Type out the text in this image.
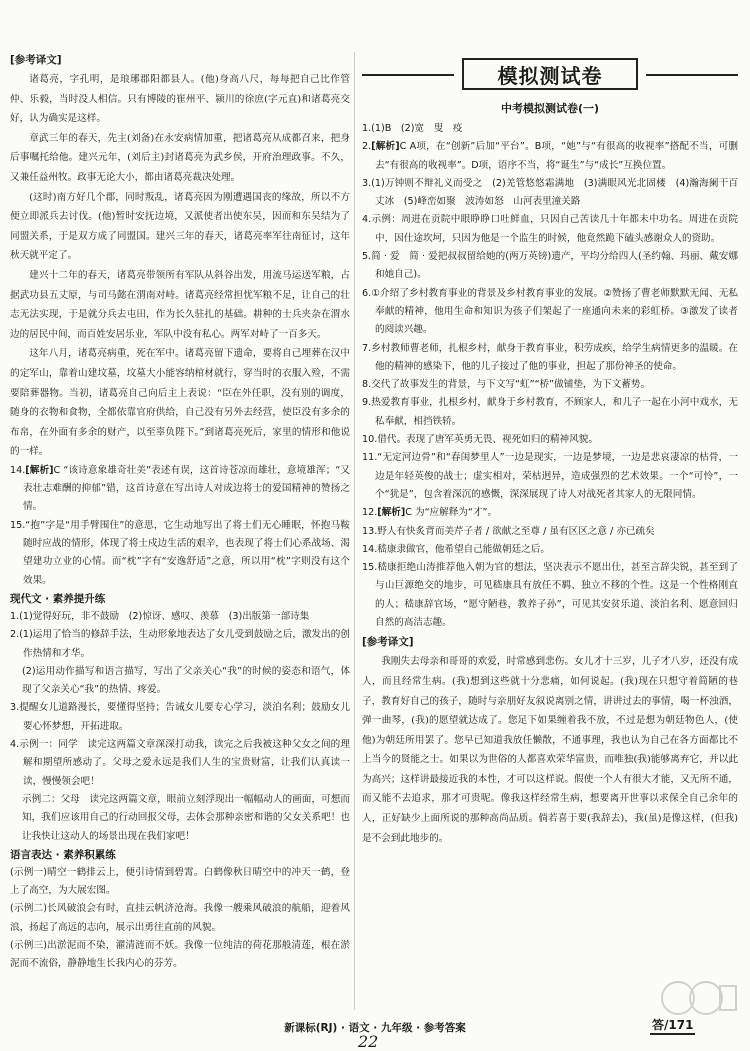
[参考译文]

诸葛亮，字孔明，是琅琊郡阳都县人。(他)身高八尺，每每把自己比作管仲、乐毅，当时没人相信。只有博陵的崔州平、颍川的徐庶(字元直)和诸葛亮交好，认为确实是这样。

章武三年的春天，先主(刘备)在永安病情加重，把诸葛亮从成都召来，把身后事嘱托给他。建兴元年，(刘后主)封诸葛亮为武乡侯，开府治理政事。不久，又兼任益州牧。政事无论大小，都由诸葛亮裁决处理。

(这时)南方好几个郡，同时叛乱，诸葛亮因为刚遭遇国丧的缘故，所以不方便立即派兵去讨伐。(他)暂时安抚边境，又派使者出使东吴，因而和东吴结为了同盟关系，于是双方成了同盟国。建兴三年的春天，诸葛亮率军往南征讨，这年秋天就平定了。

建兴十二年的春天，诸葛亮带领所有军队从斜谷出发，用流马运送军粮，占据武功县五丈原，与司马懿在渭南对峙。诸葛亮经常担忧军粮不足，让自己的壮志无法实现，于是就分兵去屯田，作为长久驻扎的基础。耕种的士兵夹杂在渭水边的居民中间，而百姓安居乐业，军队中没有私心。两军对峙了一百多天。

这年八月，诸葛亮病重，死在军中。诸葛亮留下遗命，要将自己埋葬在汉中的定军山，靠着山建坟墓，坟墓大小能容纳棺材就行，穿当时的衣服入殓，不需要陪葬器物。当初，诸葛亮自己向后主上表说：“臣在外任职，没有别的调度，随身的衣物和食物，全都依靠官府供给，自己没有另外去经营，使臣没有多余的布帛，在外面有多余的财产，以至辜负陛下。”到诸葛亮死后，家里的情形和他说的一样。

14.[解析]C “该诗意象雄奇壮美”表述有误，这首诗苍凉而雄壮，意境雄浑；“又表壮志难酬的抑郁”错，这首诗意在写出诗人对成边将士的爱国精神的赞扬之情。

15.“抱”字是“用手臂围住”的意思，它生动地写出了将士们无心睡眠，怀抱马鞍随时应战的情形，体现了将士戍边生活的艰辛，也表现了将士们心系战场、渴望建功立业的心情。而“枕”字有“安逸舒适”之意，所以用“枕”字则没有这个效果。

现代文 · 素养提升练

1.(1)觉得好玩，非不鼓励　(2)惊讶、感叹、羡慕　(3)出版第一部诗集

2.(1)运用了恰当的修辞手法，生动形象地表达了女儿受到鼓励之后，激发出的创作热情和才华。

(2)运用动作描写和语言描写，写出了父亲关心“我”的时候的姿态和语气，体现了父亲关心“我”的热情、疼爱。

3.提醒女儿道路漫长，要懂得坚持；告诫女儿要专心学习，淡泊名利；鼓励女儿要心怀梦想，开拓进取。

4.示例一：同学　读完这两篇文章深深打动我，读完之后我被这种父女之间的理解和期望所感动了。父母之爱永远是我们人生的宝贵财富，让我们认真读一读，慢慢领会吧！

示例二：父母　读完这两篇文章，眼前立刻浮现出一幅幅动人的画面，可想而知，我们应该用自己的行动回报父母，去体会那种亲密和谐的父女关系吧！也让我快让这动人的场景出现在我们家吧！

语言表达 · 素养积累练

(示例一)晴空一鹤排云上，便引诗情到碧霄。白鹤像秋日晴空中的冲天一鹤，登上了高空，为大展宏图。

(示例二)长风破浪会有时，直挂云帆济沧海。我像一艘乘风破浪的航船，迎着风浪，扬起了高远的志向，展示出勇往直前的风貌。

(示例三)出淤泥而不染，濯清涟而不妖。我像一位纯洁的荷花那般清莲，根在淤泥而不流俗，静静地生长我内心的芬芳。

模拟测试卷
中考模拟测试卷(一)

1.(1)B　(2)宽　叟　疫

2.[解析]C A项，在“创新”后加“平台”。B项，“她”与“有很高的收视率”搭配不当，可删去“有很高的收视率”。D项，语序不当，将“诞生”与“成长”互换位置。

3.(1)万钟则不辩礼义而受之　(2)羌管悠悠霜满地　(3)满眼风光北固楼　(4)瀚海阑干百丈冰　(5)峰峦如聚　波涛如怒　山河表里潼关路

4.示例：周进在贡院中眼睁睁口吐鲜血，只因自己苦读几十年都未中功名。周进在贡院中，因仕途坎坷，只因为他是一个监生的时候，他竟然跪下磕头感谢众人的资助。

5.简 · 爱　简 · 爱把叔叔留给她的(两万英镑)遗产，平均分给四人(圣约翰、玛丽、戴安娜和她自己)。

6.①介绍了乡村教育事业的背景及乡村教育事业的发展。②赞扬了曹老师默默无闻、无私奉献的精神，他用生命和知识为孩子们架起了一座通向未来的彩虹桥。③激发了读者的阅读兴趣。

7.乡村教师曹老师，扎根乡村，献身于教育事业，积劳成疾，给学生病情更多的温暖。在他的精神的感染下，他的儿子接过了他的事业，担起了那份神圣的使命。

8.交代了故事发生的背景，与下文写“虹”“桥”做铺垫，为下文蓄势。

9.热爱教育事业，扎根乡村，献身于乡村教育，不顾家人，和儿子一起在小河中戏水，无私奉献，相挡铁轿。

10.借代。表现了唐军英勇无畏、视死如归的精神风貌。

11.“无定河边骨”和“春闺梦里人”一边是现实，一边是梦境，一边是悲哀凄凉的枯骨，一边是年轻英俊的战士；虚实相对，荣枯迥异，造成强烈的艺术效果。一个“可怜”，一个“犹是”，包含着深沉的感慨，深深展现了诗人对战死者其家人的无限同情。

12.[解析]C 为“应解释为“才”。

13.野人有快炙背而美芹子者 / 欲献之至尊 / 虽有区区之意 / 亦已疏矣

14.嵇康隶做官，他希望自己能做朝廷之后。

15.嵇康拒绝山涛推荐他入朝为官的想法，坚决表示不愿出仕，甚至言辞尖锐，甚至到了与山巨源绝交的地步，可见嵇康具有放任不羁、独立不移的个性。这是一个性格刚直的人；嵇康辞官场，“愿守陋巷，教养子孙”，可见其安贫乐道、淡泊名利、愿意回归自然的高洁志趣。

[参考译文]

我刚失去母亲和哥哥的欢爱，时常感到悲伤。女儿才十三岁，儿子才八岁，还没有成人，而且经常生病。(我)想到这些就十分悲痛，如何说起。(我)现在只想守着简陋的巷子，教育好自己的孩子，随时与亲朋好友叙说离别之情，讲讲过去的事情，喝一杯浊酒，弹一曲琴，(我)的愿望就达成了。您足下如果缠着我不放，不过是想为朝廷物色人，(使他)为朝廷所用罢了。您早已知道我放任懒散，不通事理，我也认为自己在各方面都比不上当今的贤能之士。如果以为世俗的人都喜欢荣华富贵，而唯独(我)能够离弃它，并以此为高兴；这样讲最接近我的本性，才可以这样说。假使一个人有很大才能，又无所不通，而又能不去追求，那才可贵呢。像我这样经常生病，想要离开世事以求保全自己余年的人，正好缺少上面所说的那种高尚品质。倘若喜于要(我辞去)，我(虽)是像这样，(但我)是不会到此地步的。

新课标(RJ) · 语文 · 九年级 · 参考答案
22
答/171
